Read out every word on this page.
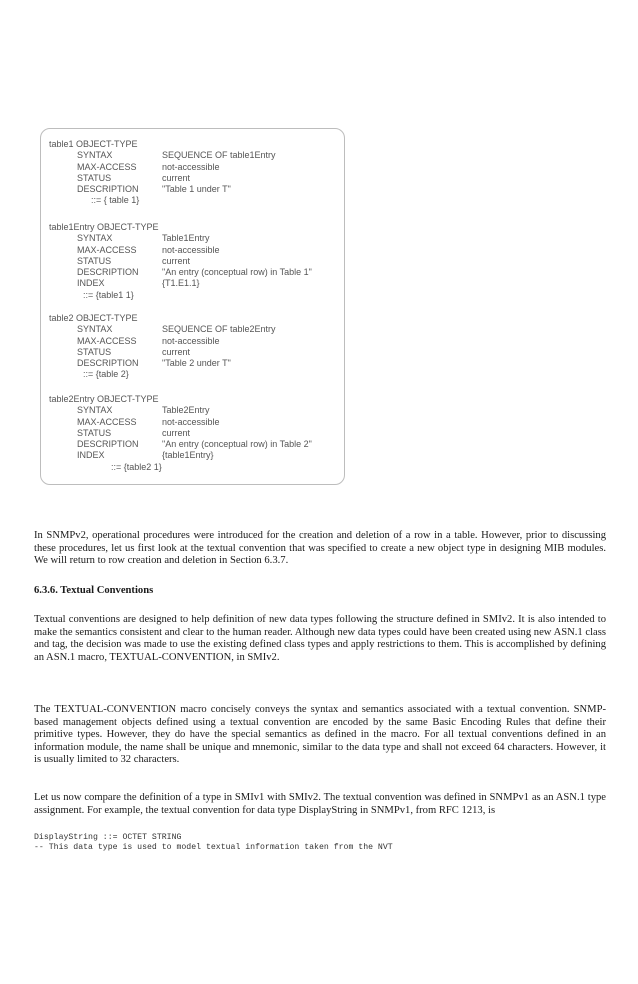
table1 OBJECT-TYPE
SYNTAX	SEQUENCE OF table1Entry
MAX-ACCESS	not-accessible
STATUS	current
DESCRIPTION	"Table 1 under T"
::= { table 1}
table1Entry OBJECT-TYPE
SYNTAX	Table1Entry
MAX-ACCESS	not-accessible
STATUS	current
DESCRIPTION	"An entry (conceptual row) in Table 1"
INDEX	{T1.E1.1}
::= {table1 1}
table2 OBJECT-TYPE
SYNTAX	SEQUENCE OF table2Entry
MAX-ACCESS	not-accessible
STATUS	current
DESCRIPTION	"Table 2 under T"
::= {table 2}
table2Entry OBJECT-TYPE
SYNTAX	Table2Entry
MAX-ACCESS	not-accessible
STATUS	current
DESCRIPTION	"An entry (conceptual row) in Table 2"
INDEX	{table1Entry}
::= {table2 1}

In SNMPv2, operational procedures were introduced for the creation and deletion of a row in a table. However, prior to discussing these procedures, let us first look at the textual convention that was specified to create a new object type in designing MIB modules. We will return to row creation and deletion in Section 6.3.7.

6.3.6. Textual Conventions

Textual conventions are designed to help definition of new data types following the structure defined in SMIv2. It is also intended to make the semantics consistent and clear to the human reader. Although new data types could have been created using new ASN.1 class and tag, the decision was made to use the existing defined class types and apply restrictions to them. This is accomplished by defining an ASN.1 macro, TEXTUAL-CONVENTION, in SMIv2.

The TEXTUAL-CONVENTION macro concisely conveys the syntax and semantics associated with a textual convention. SNMP-based management objects defined using a textual convention are encoded by the same Basic Encoding Rules that define their primitive types. However, they do have the special semantics as defined in the macro. For all textual conventions defined in an information module, the name shall be unique and mnemonic, similar to the data type and shall not exceed 64 characters. However, it is usually limited to 32 characters.

Let us now compare the definition of a type in SMIv1 with SMIv2. The textual convention was defined in SNMPv1 as an ASN.1 type assignment. For example, the textual convention for data type DisplayString in SNMPv1, from RFC 1213, is

DisplayString ::= OCTET STRING

-- This data type is used to model textual information taken from the NVT
